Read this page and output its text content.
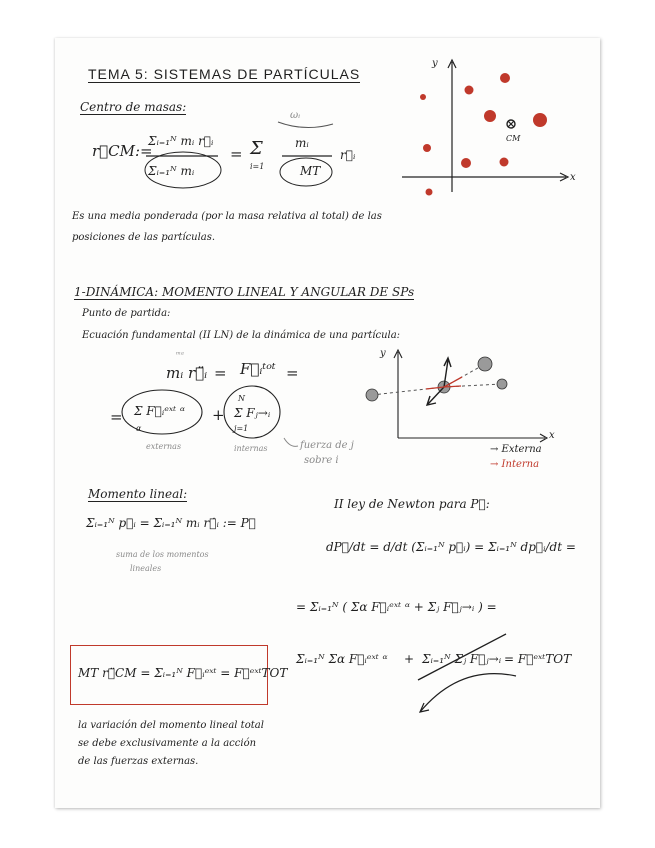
TEMA 5: SISTEMAS DE PARTÍCULAS
Centro de masas:
r⃗CM:=
Σᵢ₌₁ᴺ mᵢ r⃗ᵢ
Σᵢ₌₁ᴺ mᵢ
= Σ
i=1
mᵢ
MT
r⃗ᵢ
ωᵢ
y
x
CM
Es una media ponderada (por la masa relativa al total) de las
posiciones de las partículas.
1-DINÁMICA: MOMENTO LINEAL Y ANGULAR DE SPs
Punto de partida:
Ecuación fundamental (II LN) de la dinámica de una partícula:
ᵐᵃ
mᵢ r⃗̈ᵢ = F⃗ᵢᵗᵒᵗ =
= Σ F⃗ᵢᵉˣᵗ ᵅ
α
+
N
Σ Fⱼ→ᵢ
j=1
externas	internas	fuerza de j
sobre i
y
x
→ Externa
→ Interna
Momento lineal:
Σᵢ₌₁ᴺ p⃗ᵢ = Σᵢ₌₁ᴺ mᵢ r⃗̇ᵢ := P⃗
suma de los momentos
lineales
II ley de Newton para P⃗:
dP⃗/dt = d/dt (Σᵢ₌₁ᴺ p⃗ᵢ) = Σᵢ₌₁ᴺ dp⃗ᵢ/dt =
= Σᵢ₌₁ᴺ ( Σα F⃗ᵢᵉˣᵗ ᵅ + Σⱼ F⃗ⱼ→ᵢ ) =
Σᵢ₌₁ᴺ Σα F⃗ᵢᵉˣᵗ ᵅ + Σᵢ₌₁ᴺ Σⱼ F⃗ⱼ→ᵢ = F⃗ᵉˣᵗTOT
MT r⃗̈CM = Σᵢ₌₁ᴺ F⃗ᵢᵉˣᵗ = F⃗ᵉˣᵗTOT
la variación del momento lineal total
se debe exclusivamente a la acción
de las fuerzas externas.
